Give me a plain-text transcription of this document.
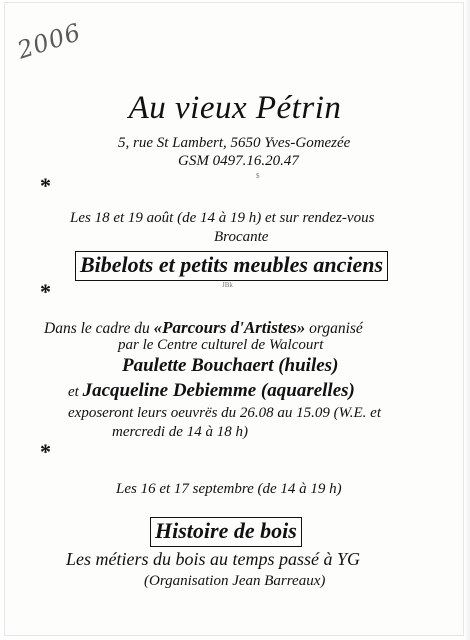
2006
Au vieux Pétrin
5, rue St Lambert, 5650 Yves-Gomezée
GSM 0497.16.20.47
$
*
Les 18 et 19 août (de 14 à 19 h) et sur rendez-vous
Brocante
Bibelots et petits meubles anciens
JBk
*
Dans le cadre du «Parcours d'Artistes» organisé
par le Centre culturel de Walcourt
Paulette Bouchaert (huiles)
et Jacqueline Debiemme (aquarelles)
exposeront leurs oeuvrës du 26.08 au 15.09 (W.E. et
mercredi de 14 à 18 h)
*
Les 16 et 17 septembre (de 14 à 19 h)
Histoire de bois
Les métiers du bois au temps passé à YG
(Organisation Jean Barreaux)
